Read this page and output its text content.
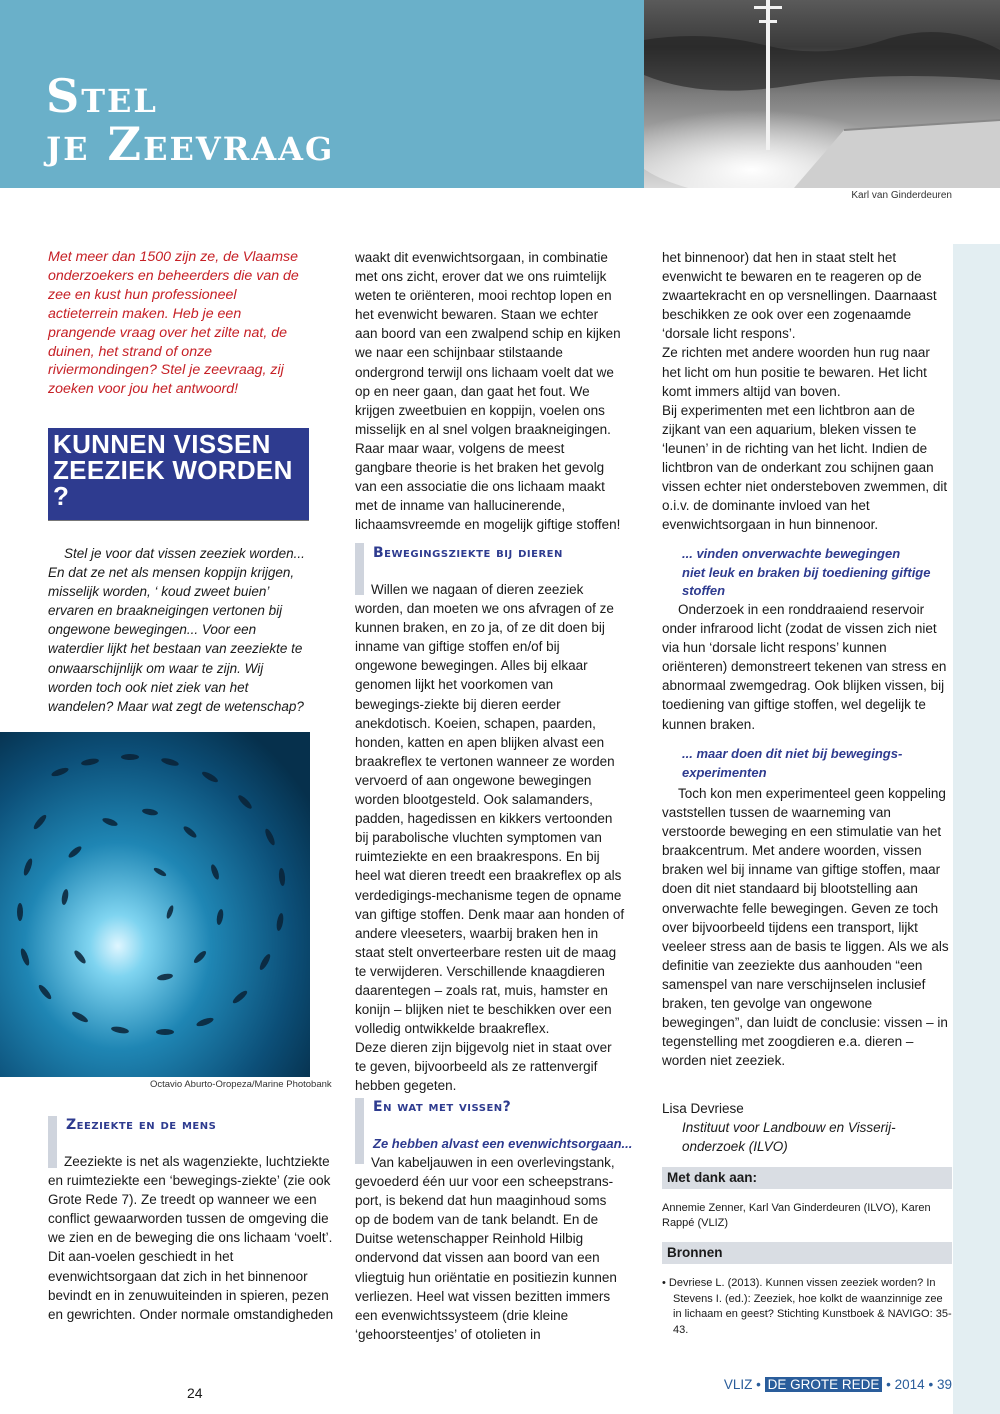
Stel
je Zeevraag
Karl van Ginderdeuren

Met meer dan 1500 zijn ze, de Vlaamse onderzoekers en beheerders die van de zee en kust hun professioneel actieterrein maken. Heb je een prangende vraag over het zilte nat, de duinen, het strand of onze riviermondingen? Stel je zeevraag, zij zoeken voor jou het antwoord!

KUNNEN VISSEN
ZEEZIEK WORDEN ?

Stel je voor dat vissen zeeziek worden... En dat ze net als mensen koppijn krijgen, misselijk worden, ‘ koud zweet buien’ ervaren en braakneigingen vertonen bij ongewone bewegingen... Voor een waterdier lijkt het bestaan van zeeziekte te onwaarschijnlijk om waar te zijn. Wij worden toch ook niet ziek van het wandelen? Maar wat zegt de wetenschap?

Octavio Aburto-Oropeza/Marine Photobank
Zeeziekte en de mens

Zeeziekte is net als wagenziekte, luchtziekte en ruimteziekte een ‘bewegings-ziekte’ (zie ook Grote Rede 7). Ze treedt op wanneer we een conflict gewaarworden tussen de omgeving die we zien en de beweging die ons lichaam ‘voelt’. Dit aan-voelen geschiedt in het evenwichtsorgaan dat zich in het binnenoor bevindt en in zenuwuiteinden in spieren, pezen en gewrichten. Onder normale omstandigheden

waakt dit evenwichtsorgaan, in combinatie met ons zicht, erover dat we ons ruimtelijk weten te oriënteren, mooi rechtop lopen en het evenwicht bewaren. Staan we echter aan boord van een zwalpend schip en kijken we naar een schijnbaar stilstaande ondergrond terwijl ons lichaam voelt dat we op en neer gaan, dan gaat het fout. We krijgen zweetbuien en koppijn, voelen ons misselijk en al snel volgen braakneigingen. Raar maar waar, volgens de meest gangbare theorie is het braken het gevolg van een associatie die ons lichaam maakt met de inname van hallucinerende, lichaamsvreemde en mogelijk giftige stoffen!

Bewegingsziekte bij dieren

Willen we nagaan of dieren zeeziek worden, dan moeten we ons afvragen of ze kunnen braken, en zo ja, of ze dit doen bij inname van giftige stoffen en/of bij ongewone bewegingen. Alles bij elkaar genomen lijkt het voorkomen van bewegings-ziekte bij dieren eerder anekdotisch. Koeien, schapen, paarden, honden, katten en apen blijken alvast een braakreflex te vertonen wanneer ze worden vervoerd of aan ongewone bewegingen worden blootgesteld. Ook salamanders, padden, hagedissen en kikkers vertoonden bij parabolische vluchten symptomen van ruimteziekte en een braakrespons. En bij heel wat dieren treedt een braakreflex op als verdedigings-mechanisme tegen de opname van giftige stoffen. Denk maar aan honden of andere vleeseters, waarbij braken hen in staat stelt onverteerbare resten uit de maag te verwijderen. Verschillende knaagdieren daarentegen – zoals rat, muis, hamster en konijn – blijken niet te beschikken over een volledig ontwikkelde braakreflex.

Deze dieren zijn bijgevolg niet in staat over te geven, bijvoorbeeld als ze rattenvergif hebben gegeten.

En wat met vissen?
Ze hebben alvast een evenwichtsorgaan...

Van kabeljauwen in een overlevingstank, gevoederd één uur voor een scheepstrans-port, is bekend dat hun maaginhoud soms op de bodem van de tank belandt. En de Duitse wetenschapper Reinhold Hilbig ondervond dat vissen aan boord van een vliegtuig hun oriëntatie en positiezin kunnen verliezen. Heel wat vissen bezitten immers een evenwichtssysteem (drie kleine ‘gehoorsteentjes’ of otolieten in

het binnenoor) dat hen in staat stelt het evenwicht te bewaren en te reageren op de zwaartekracht en op versnellingen. Daarnaast beschikken ze ook over een zogenaamde ‘dorsale licht respons’.

Ze richten met andere woorden hun rug naar het licht om hun positie te bewaren. Het licht komt immers altijd van boven.

Bij experimenten met een lichtbron aan de zijkant van een aquarium, bleken vissen te ‘leunen’ in de richting van het licht. Indien de lichtbron van de onderkant zou schijnen gaan vissen echter niet ondersteboven zwemmen, dit o.i.v. de dominante invloed van het evenwichtsorgaan in hun binnenoor.

... vinden onverwachte bewegingen
niet leuk en braken bij toediening giftige
stoffen

Onderzoek in een ronddraaiend reservoir onder infrarood licht (zodat de vissen zich niet via hun ‘dorsale licht respons’ kunnen oriënteren) demonstreert tekenen van stress en abnormaal zwemgedrag. Ook blijken vissen, bij toediening van giftige stoffen, wel degelijk te kunnen braken.

... maar doen dit niet bij bewegings-
experimenten

Toch kon men experimenteel geen koppeling vaststellen tussen de waarneming van verstoorde beweging en een stimulatie van het braakcentrum. Met andere woorden, vissen braken wel bij inname van giftige stoffen, maar doen dit niet standaard bij blootstelling aan onverwachte felle bewegingen. Geven ze toch over bijvoorbeeld tijdens een transport, lijkt veeleer stress aan de basis te liggen. Als we als definitie van zeeziekte dus aanhouden “een samenspel van nare verschijnselen inclusief braken, ten gevolge van ongewone bewegingen”, dan luidt de conclusie: vissen – in tegenstelling met zoogdieren e.a. dieren – worden niet zeeziek.

Lisa Devriese
Instituut voor Landbouw en Visserij-onderzoek (ILVO)
Met dank aan:
Annemie Zenner, Karl Van Ginderdeuren (ILVO), Karen Rappé (VLIZ)
Bronnen
• Devriese L. (2013). Kunnen vissen zeeziek worden? In Stevens I. (ed.): Zeeziek, hoe kolkt de waanzinnige zee in lichaam en geest? Stichting Kunstboek & NAVIGO: 35-43.
24
VLIZ • DE GROTE REDE • 2014 • 39
